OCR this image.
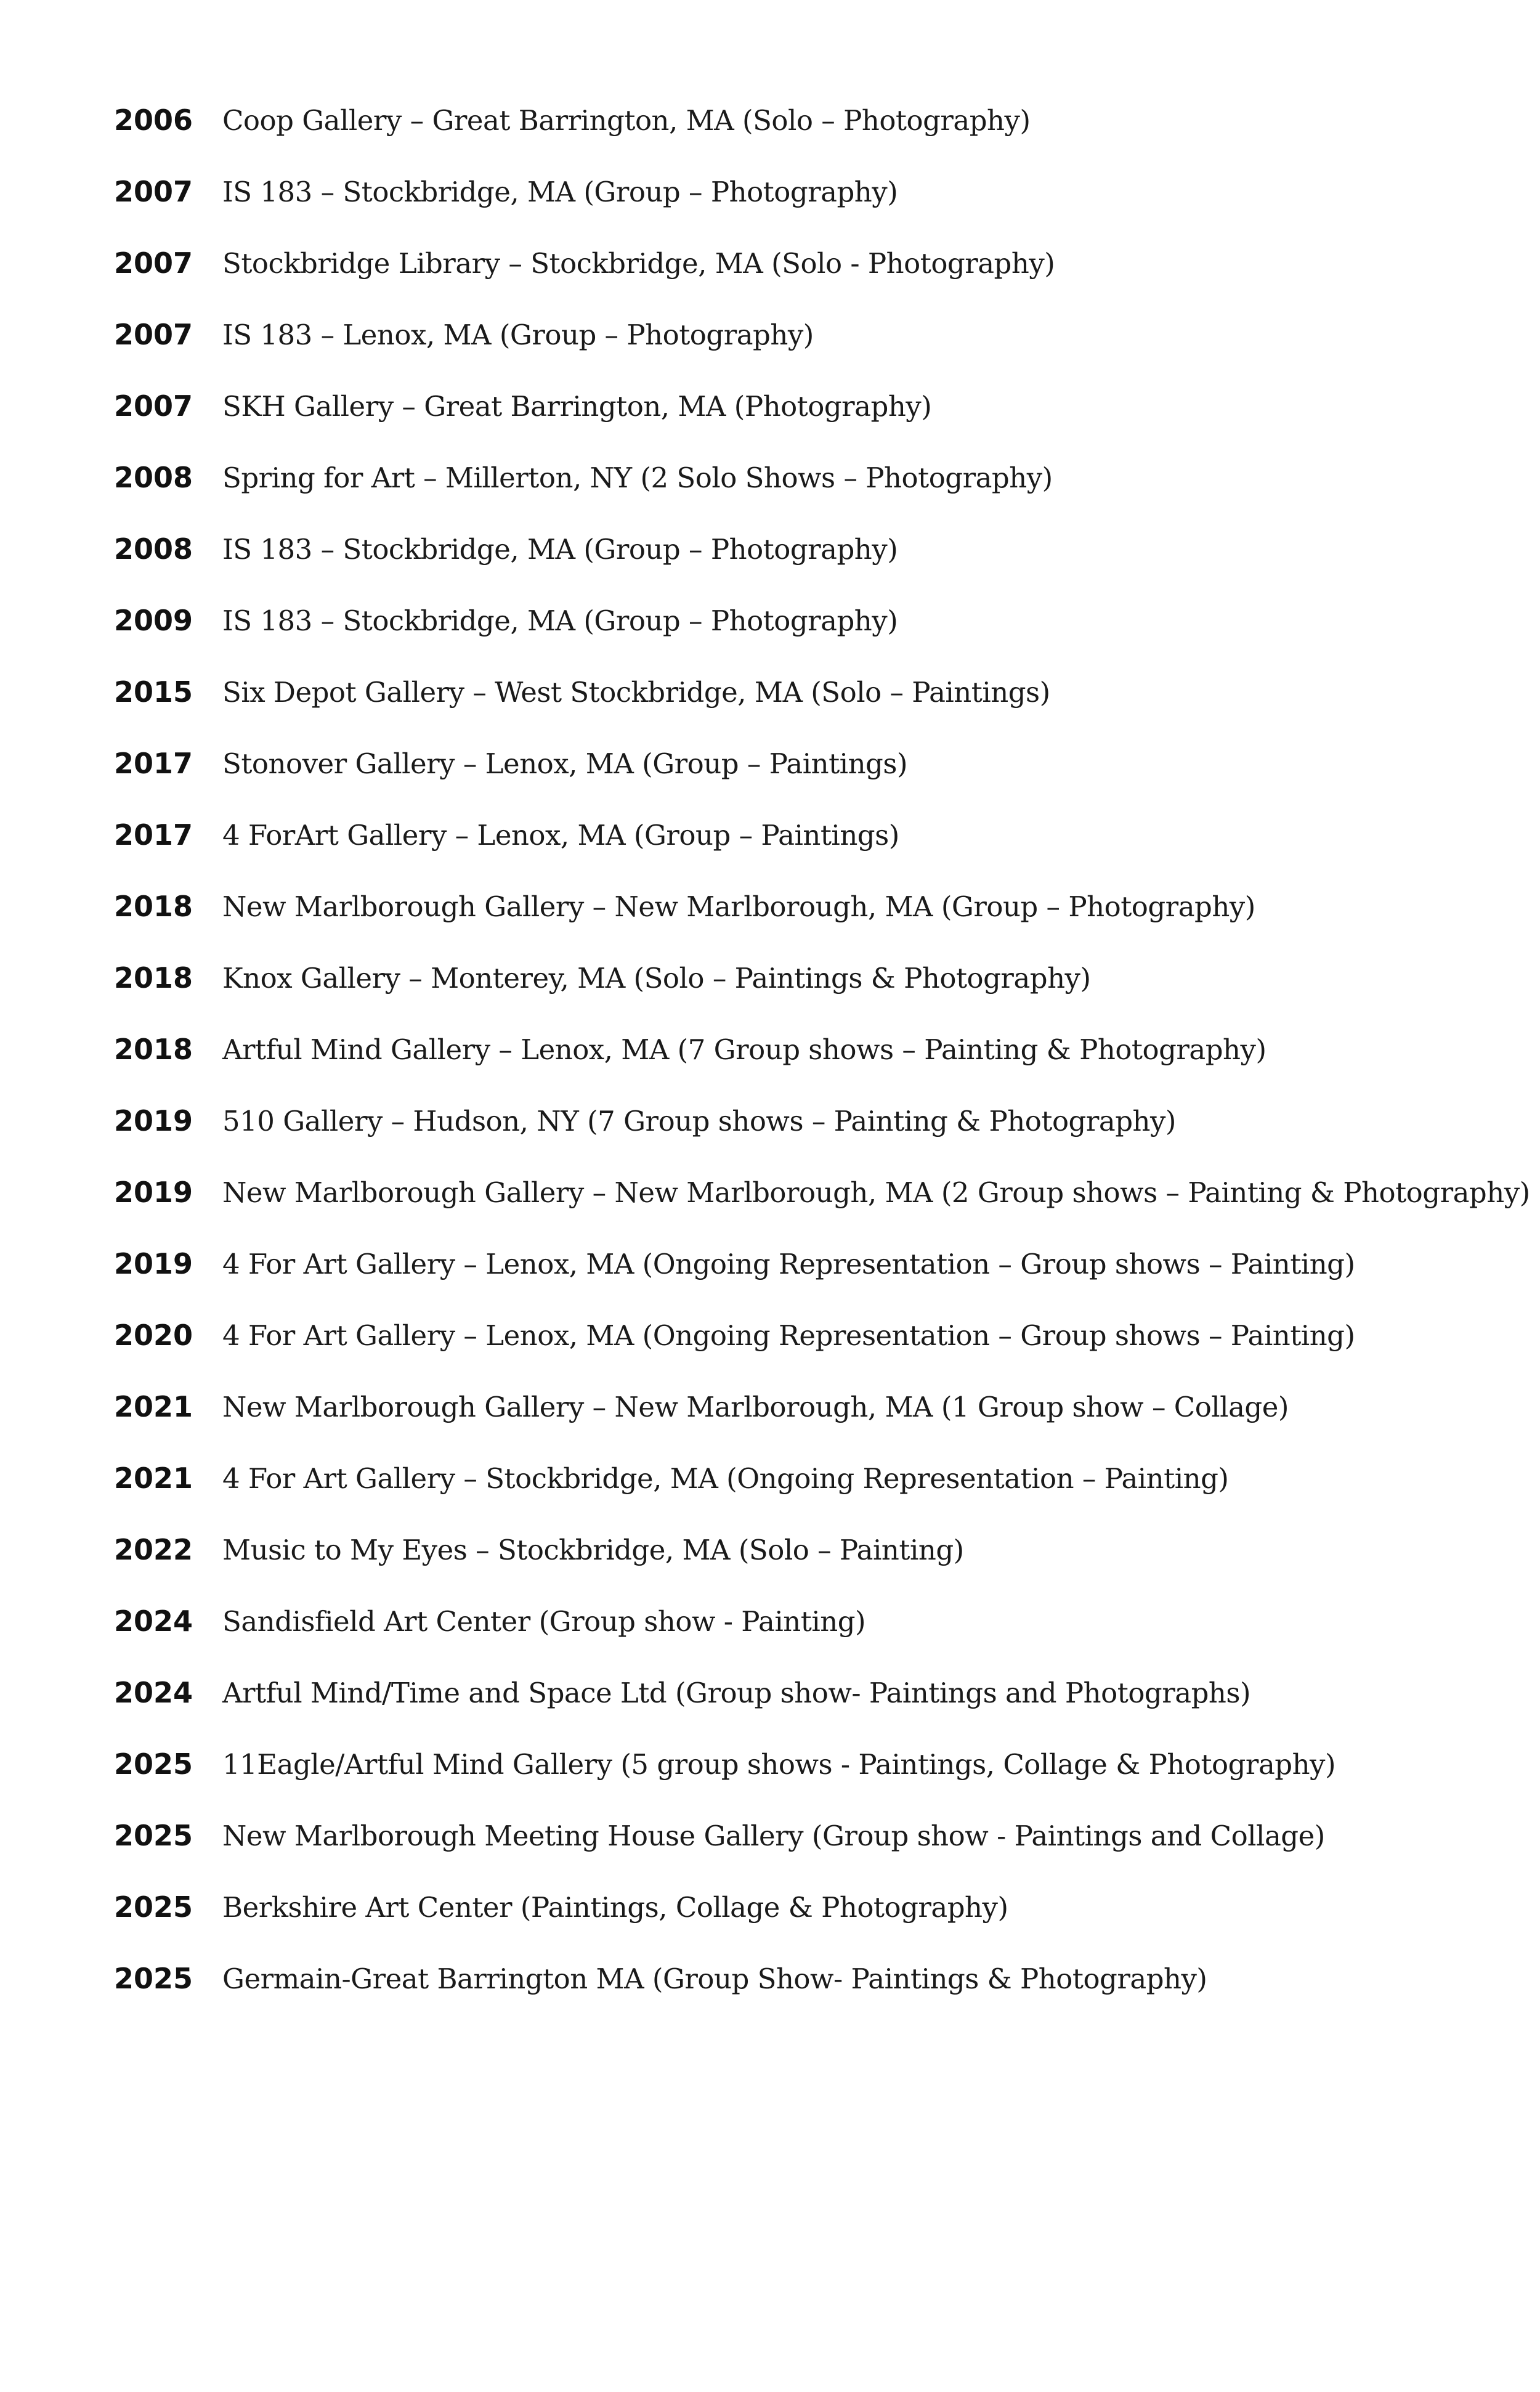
2006	Coop Gallery – Great Barrington, MA (Solo – Photography)
2007	IS 183 – Stockbridge, MA (Group – Photography)
2007	Stockbridge Library – Stockbridge, MA (Solo - Photography)
2007	IS 183 – Lenox, MA (Group – Photography)
2007	SKH Gallery – Great Barrington, MA (Photography)
2008	Spring for Art – Millerton, NY (2 Solo Shows – Photography)
2008	IS 183 – Stockbridge, MA (Group – Photography)
2009	IS 183 – Stockbridge, MA (Group – Photography)
2015	Six Depot Gallery – West Stockbridge, MA (Solo – Paintings)
2017	Stonover Gallery – Lenox, MA (Group – Paintings)
2017	4 ForArt Gallery – Lenox, MA (Group – Paintings)
2018	New Marlborough Gallery – New Marlborough, MA (Group – Photography)
2018	Knox Gallery – Monterey, MA (Solo – Paintings & Photography)
2018	Artful Mind Gallery – Lenox, MA (7 Group shows – Painting & Photography)
2019	510 Gallery – Hudson, NY (7 Group shows – Painting & Photography)
2019	New Marlborough Gallery – New Marlborough, MA (2 Group shows – Painting & Photography)
2019	4 For Art Gallery – Lenox, MA (Ongoing Representation – Group shows – Painting)
2020	4 For Art Gallery – Lenox, MA (Ongoing Representation – Group shows – Painting)
2021	New Marlborough Gallery – New Marlborough, MA (1 Group show – Collage)
2021	4 For Art Gallery – Stockbridge, MA (Ongoing Representation – Painting)
2022	Music to My Eyes – Stockbridge, MA (Solo – Painting)
2024	Sandisfield Art Center (Group show - Painting)
2024	Artful Mind/Time and Space Ltd (Group show- Paintings and Photographs)
2025	11Eagle/Artful Mind Gallery (5 group shows - Paintings, Collage & Photography)
2025	New Marlborough Meeting House Gallery (Group show - Paintings and Collage)
2025	Berkshire Art Center (Paintings, Collage & Photography)
2025	Germain-Great Barrington MA (Group Show- Paintings & Photography)
